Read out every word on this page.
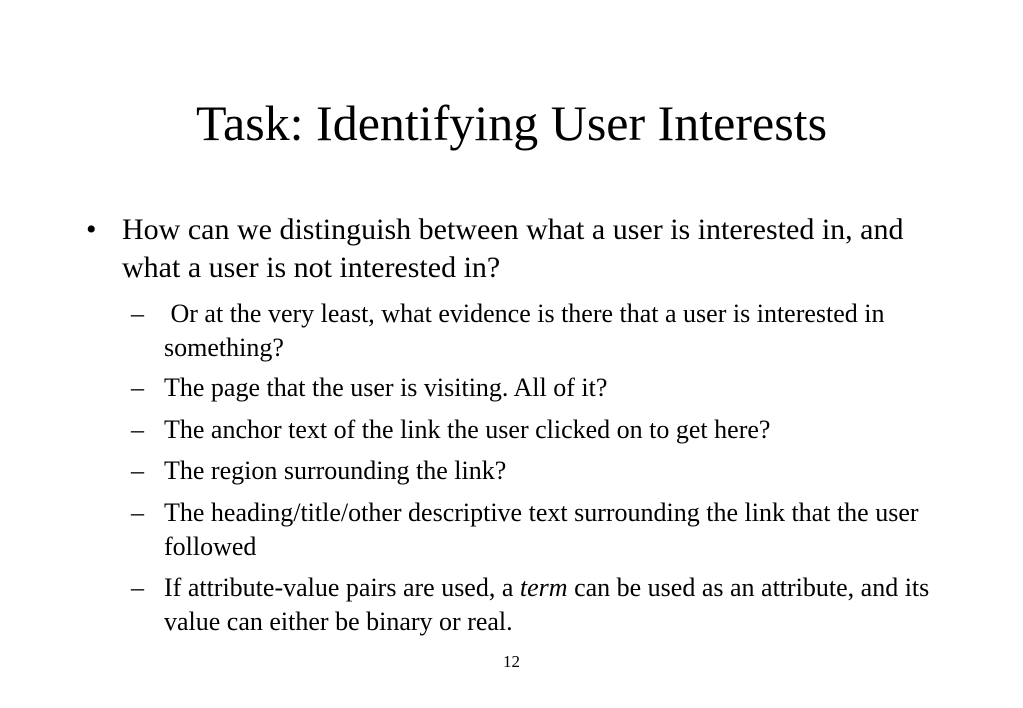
Task: Identifying User Interests
• How can we distinguish between what a user is interested in, and what a user is not interested in?
– Or at the very least, what evidence is there that a user is interested in something?
– The page that the user is visiting. All of it?
– The anchor text of the link the user clicked on to get here?
– The region surrounding the link?
– The heading/title/other descriptive text surrounding the link that the user followed
– If attribute-value pairs are used, a term can be used as an attribute, and its value can either be binary or real.
12
